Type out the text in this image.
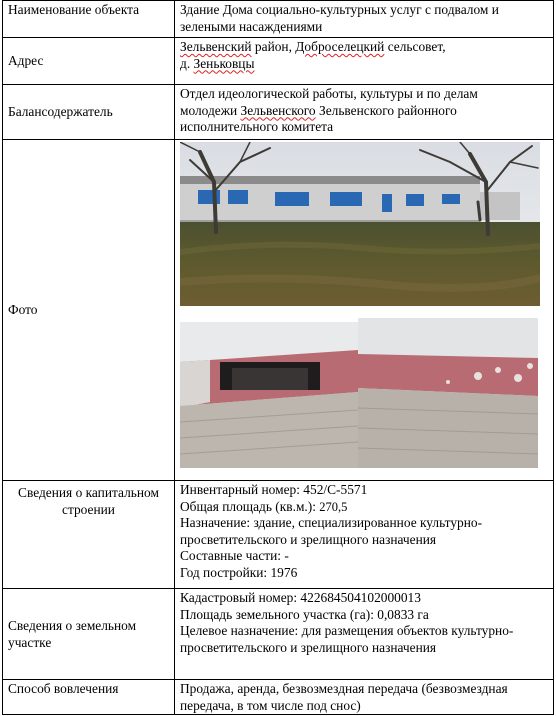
Наименование объекта	Здание Дома социально-культурных услуг с подвалом и зелеными насаждениями
Адрес	Зельвенский район, Доброселецкий сельсовет,
д. Зеньковцы

Балансодержатель	Отдел идеологической работы, культуры и по делам
молодежи Зельвенского Зельвенского районного
исполнительного комитета

Фото	

Сведения о капитальном строении	Инвентарный номер: 452/С-5571
Общая площадь (кв.м.): 270,5
Назначение: здание, специализированное культурно-просветительского и зрелищного назначения
Составные части: -
Год постройки: 1976

Сведения о земельном участке	Кадастровый номер: 422684504102000013
Площадь земельного участка (га): 0,0833 га
Целевое назначение: для размещения объектов культурно-просветительского и зрелищного назначения

Способ вовлечения	Продажа, аренда, безвозмездная передача (безвозмездная передача, в том числе под снос)
